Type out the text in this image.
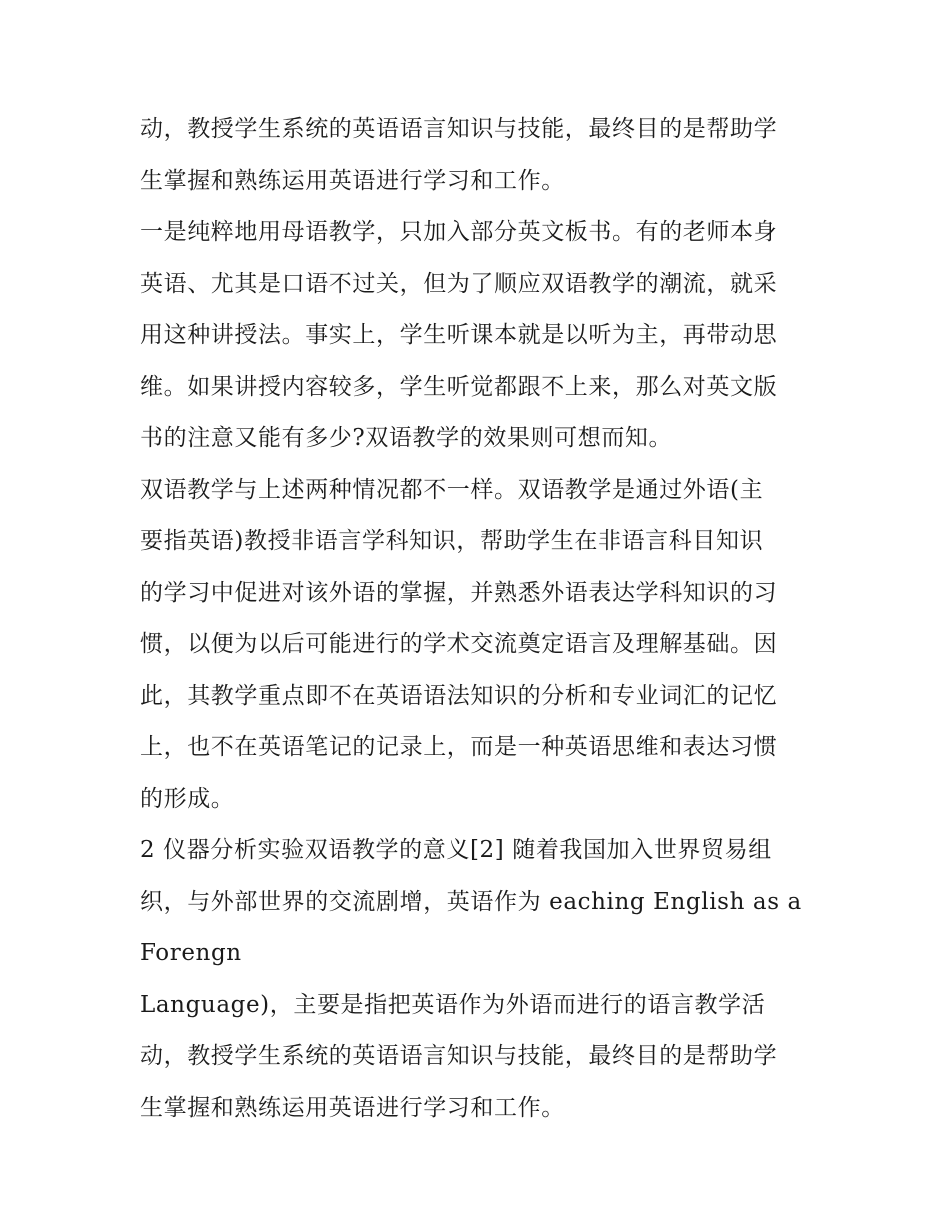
动，教授学生系统的英语语言知识与技能，最终目的是帮助学
生掌握和熟练运用英语进行学习和工作。
一是纯粹地用母语教学，只加入部分英文板书。有的老师本身
英语、尤其是口语不过关，但为了顺应双语教学的潮流，就采
用这种讲授法。事实上，学生听课本就是以听为主，再带动思
维。如果讲授内容较多，学生听觉都跟不上来，那么对英文版
书的注意又能有多少?双语教学的效果则可想而知。
双语教学与上述两种情况都不一样。双语教学是通过外语(主
要指英语)教授非语言学科知识，帮助学生在非语言科目知识
的学习中促进对该外语的掌握，并熟悉外语表达学科知识的习
惯，以便为以后可能进行的学术交流奠定语言及理解基础。因
此，其教学重点即不在英语语法知识的分析和专业词汇的记忆
上，也不在英语笔记的记录上，而是一种英语思维和表达习惯
的形成。
2 仪器分析实验双语教学的意义[2] 随着我国加入世界贸易组
织，与外部世界的交流剧增，英语作为 eaching English as a
Forengn
Language)，主要是指把英语作为外语而进行的语言教学活
动，教授学生系统的英语语言知识与技能，最终目的是帮助学
生掌握和熟练运用英语进行学习和工作。
